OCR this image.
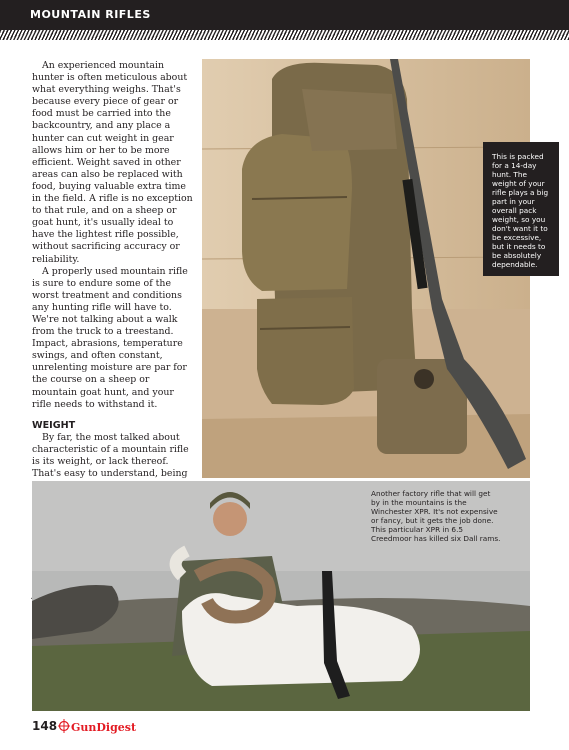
MOUNTAIN RIFLES

An experienced mountain hunter is often meticulous about what everything weighs. That's because every piece of gear or food must be carried into the backcountry, and any place a hunter can cut weight in gear allows him or her to be more efficient. Weight saved in other areas can also be replaced with food, buying valuable extra time in the field. A rifle is no exception to that rule, and on a sheep or goat hunt, it's usually ideal to have the lightest rifle possible, without sacrificing accuracy or reliability.

A properly used mountain rifle is sure to endure some of the worst treatment and conditions any hunting rifle will have to. We're not talking about a walk from the truck to a treestand. Impact, abrasions, temperature swings, and often constant, unrelenting moisture are par for the course on a sheep or mountain goat hunt, and your rifle needs to withstand it.

WEIGHT

By far, the most talked about characteristic of a mountain rifle is its weight, or lack thereof. That's easy to understand, being

This is packed for a 14-day hunt. The weight of your rifle plays a big part in your overall pack weight, so you don't want it to be excessive, but it needs to be absolutely dependable.
Another factory rifle that will get by in the mountains is the Winchester XPR. It's not expensive or fancy, but it gets the job done. This particular XPR in 6.5 Creedmoor has killed six Dall rams.
148 GunDigest
